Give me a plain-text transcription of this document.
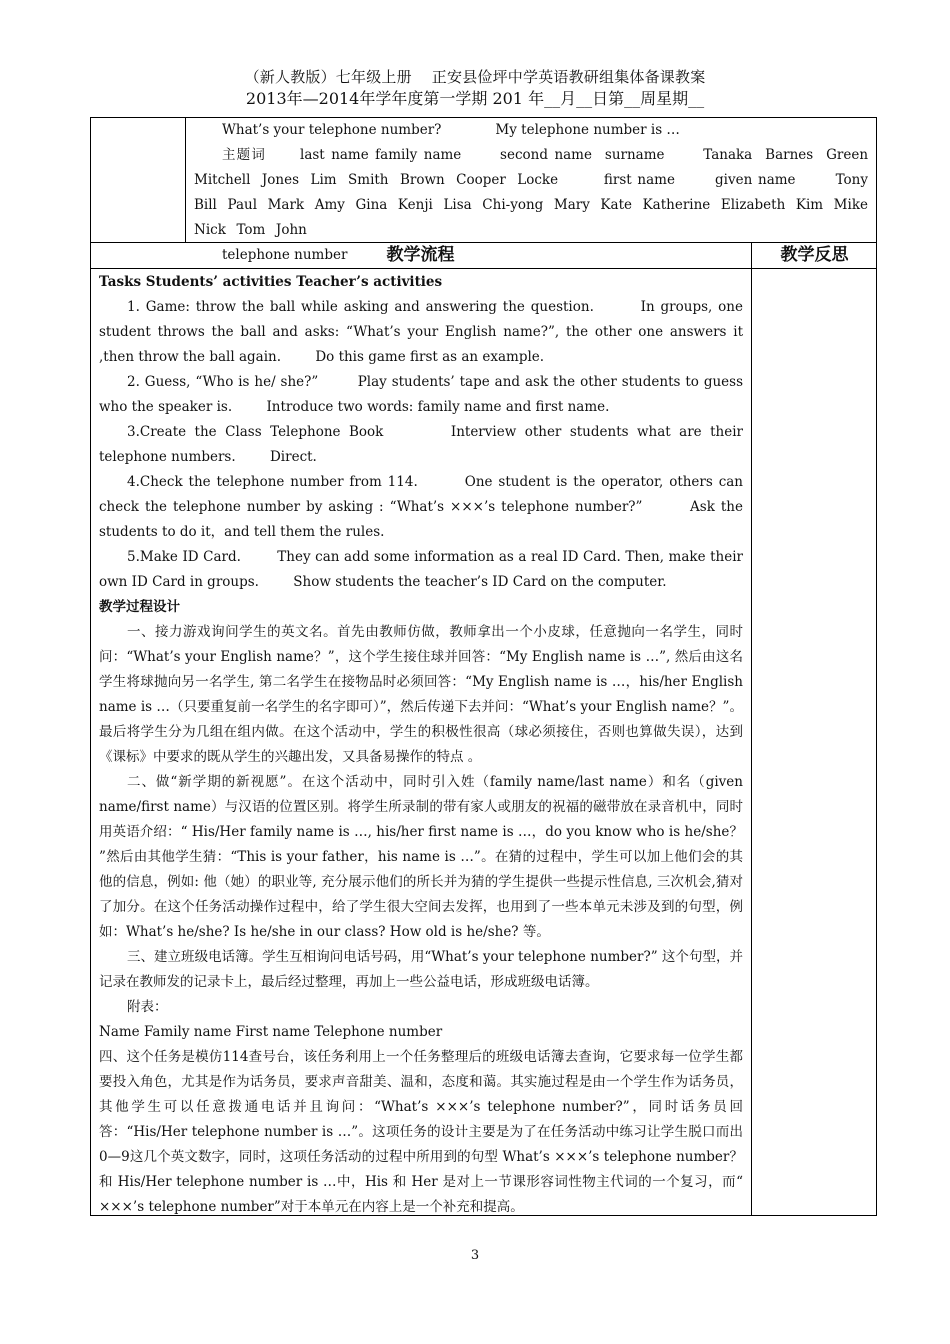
（新人教版）七年级上册 正安县俭坪中学英语教研组集体备课教案
2013年—2014年学年度第一学期 201 年__月__日第__周星期__

What’s your telephone number?	My telephone number is …

主题词	last name family name      second name  surname      Tanaka  Barnes  Green  Mitchell  Jones  Lim  Smith  Brown  Cooper  Locke        first name       given name       Tony  Bill  Paul  Mark  Amy  Gina  Kenji  Lisa  Chi-yong  Mary  Kate  Katherine  Elizabeth  Kim  Mike  Nick  Tom  John

telephone number	教学流程	教学反思

Tasks Students’ activities Teacher’s activities

1. Game: throw the ball while asking and answering the question.        In groups, one student throws the ball and asks: “What’s your English name?”, the other one answers it ,then throw the ball again.        Do this game first as an example.

2. Guess, “Who is he/ she?”        Play students’ tape and ask the other students to guess who the speaker is.        Introduce two words: family name and first name.

3.Create the Class Telephone Book        Interview other students what are their telephone numbers.        Direct.

4.Check the telephone number from 114.        One student is the operator, others can check the telephone number by asking : “What’s ×××’s telephone number?”        Ask the students to do it，and tell them the rules.

5.Make ID Card.        They can add some information as a real ID Card. Then, make their own ID Card in groups.        Show students the teacher’s ID Card on the computer.

教学过程设计

一、接力游戏询问学生的英文名。首先由教师仿做，教师拿出一个小皮球，任意抛向一名学生，同时问：“What’s your English name？”，这个学生接住球并回答：“My English name is …”, 然后由这名学生将球抛向另一名学生, 第二名学生在接物品时必须回答：“My English name is …，his/her English name is …（只要重复前一名学生的名字即可）”，然后传递下去并问：“What’s your English name？”。最后将学生分为几组在组内做。在这个活动中，学生的积极性很高（球必须接住，否则也算做失误），达到《课标》中要求的既从学生的兴趣出发，又具备易操作的特点 。

二、做“新学期的新视愿”。在这个活动中，同时引入姓（family name/last name）和名（given name/first name）与汉语的位置区别。将学生所录制的带有家人或朋友的祝福的磁带放在录音机中，同时用英语介绍：“ His/Her family name is …, his/her first name is …，do you know who is he/she？ ”然后由其他学生猜：“This is your father，his name is …”。在猜的过程中，学生可以加上他们会的其他的信息，例如: 他（她）的职业等, 充分展示他们的所长并为猜的学生提供一些提示性信息, 三次机会,猜对了加分。在这个任务活动操作过程中，给了学生很大空间去发挥，也用到了一些本单元未涉及到的句型，例如：What’s he/she? Is he/she in our class? How old is he/she? 等。

三、建立班级电话簿。学生互相询问电话号码，用“What’s your telephone number?” 这个句型，并记录在教师发的记录卡上，最后经过整理，再加上一些公益电话，形成班级电话簿。

附表：

Name Family name First name Telephone number

四、这个任务是模仿114查号台，该任务利用上一个任务整理后的班级电话簿去查询，它要求每一位学生都要投入角色，尤其是作为话务员，要求声音甜美、温和，态度和蔼。其实施过程是由一个学生作为话务员，其他学生可以任意拨通电话并且询问：“What’s ×××’s telephone number?”，同时话务员回答：“His/Her telephone number is …”。这项任务的设计主要是为了在任务活动中练习让学生脱口而出0—9这几个英文数字，同时，这项任务活动的过程中所用到的句型 What’s ×××’s telephone number？和 His/Her telephone number is …中，His 和 Her 是对上一节课形容词性物主代词的一个复习，而“ ×××’s telephone number”对于本单元在内容上是一个补充和提高。

3
